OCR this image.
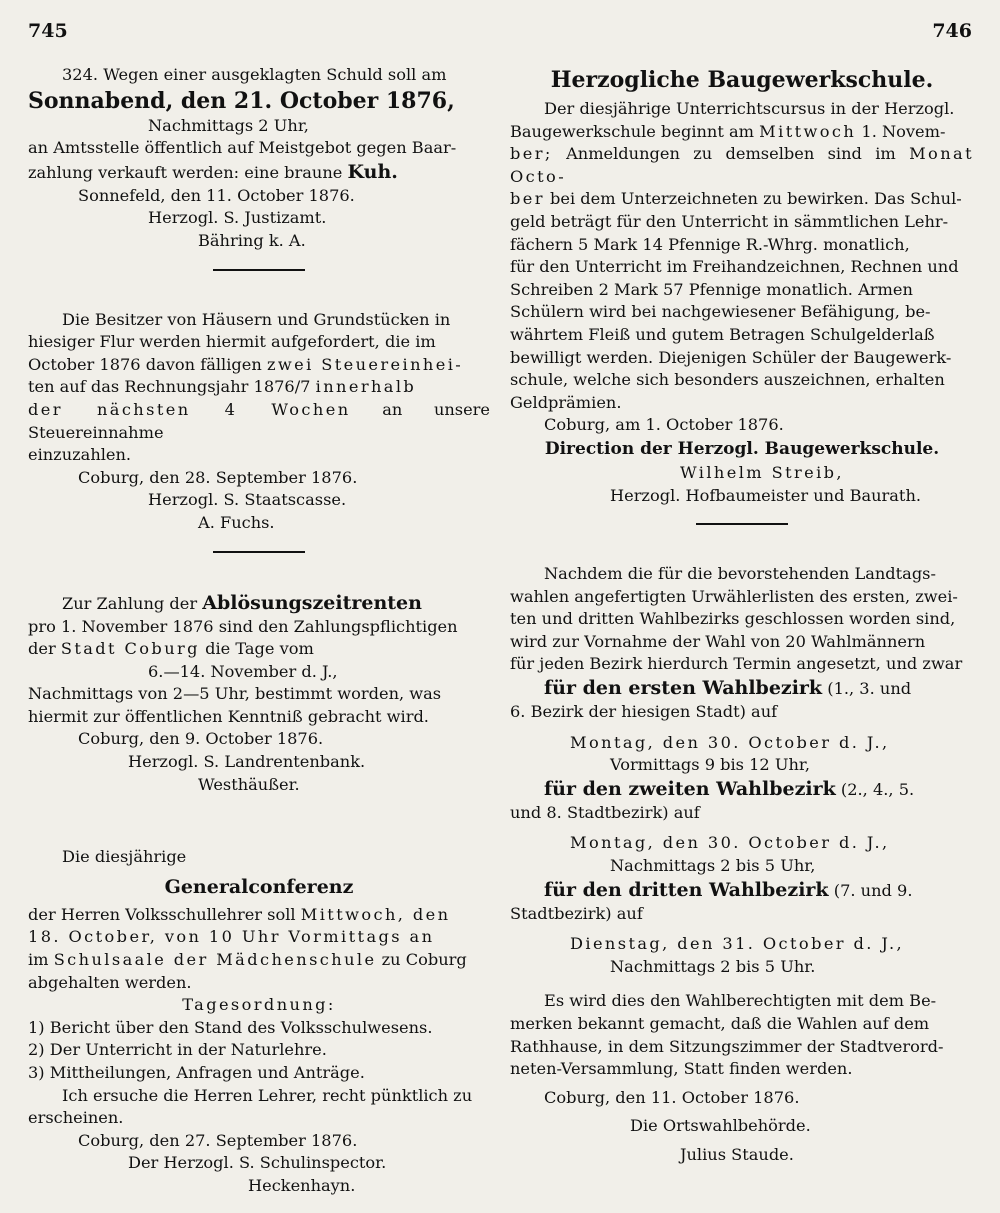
745	746

324. Wegen einer ausgeklagten Schuld soll am

Sonnabend, den 21. October 1876,

Nachmittags 2 Uhr,

an Amtsstelle öffentlich auf Meistgebot gegen Baar-

zahlung verkauft werden: eine braune Kuh.

Sonnefeld, den 11. October 1876.

Herzogl. S. Justizamt.

Bähring k. A.

Die Besitzer von Häusern und Grundstücken in

hiesiger Flur werden hiermit aufgefordert, die im

October 1876 davon fälligen zwei Steuereinhei-

ten auf das Rechnungsjahr 1876/7 innerhalb

der nächsten 4 Wochen an unsere Steuereinnahme

einzuzahlen.

Coburg, den 28. September 1876.

Herzogl. S. Staatscasse.

A. Fuchs.

Zur Zahlung der Ablösungszeitrenten

pro 1. November 1876 sind den Zahlungspflichtigen

der Stadt Coburg die Tage vom

6.—14. November d. J.,

Nachmittags von 2—5 Uhr, bestimmt worden, was

hiermit zur öffentlichen Kenntniß gebracht wird.

Coburg, den 9. October 1876.

Herzogl. S. Landrentenbank.

Westhäußer.

Die diesjährige

Generalconferenz

der Herren Volksschullehrer soll Mittwoch, den

18. October, von 10 Uhr Vormittags an

im Schulsaale der Mädchenschule zu Coburg

abgehalten werden.

Tagesordnung:

1) Bericht über den Stand des Volksschulwesens.

2) Der Unterricht in der Naturlehre.

3) Mittheilungen, Anfragen und Anträge.

Ich ersuche die Herren Lehrer, recht pünktlich zu

erscheinen.

Coburg, den 27. September 1876.

Der Herzogl. S. Schulinspector.

Heckenhayn.

Herzogliche Baugewerkschule.

Der diesjährige Unterrichtscursus in der Herzogl.

Baugewerkschule beginnt am Mittwoch 1. Novem-

ber; Anmeldungen zu demselben sind im Monat Octo-

ber bei dem Unterzeichneten zu bewirken. Das Schul-

geld beträgt für den Unterricht in sämmtlichen Lehr-

fächern 5 Mark 14 Pfennige R.-Whrg. monatlich,

für den Unterricht im Freihandzeichnen, Rechnen und

Schreiben 2 Mark 57 Pfennige monatlich. Armen

Schülern wird bei nachgewiesener Befähigung, be-

währtem Fleiß und gutem Betragen Schulgelderlaß

bewilligt werden. Diejenigen Schüler der Baugewerk-

schule, welche sich besonders auszeichnen, erhalten

Geldprämien.

Coburg, am 1. October 1876.

Direction der Herzogl. Baugewerkschule.

Wilhelm Streib,

Herzogl. Hofbaumeister und Baurath.

Nachdem die für die bevorstehenden Landtags-

wahlen angefertigten Urwählerlisten des ersten, zwei-

ten und dritten Wahlbezirks geschlossen worden sind,

wird zur Vornahme der Wahl von 20 Wahlmännern

für jeden Bezirk hierdurch Termin angesetzt, und zwar

für den ersten Wahlbezirk (1., 3. und

6. Bezirk der hiesigen Stadt) auf

Montag, den 30. October d. J.,

Vormittags 9 bis 12 Uhr,

für den zweiten Wahlbezirk (2., 4., 5.

und 8. Stadtbezirk) auf

Montag, den 30. October d. J.,

Nachmittags 2 bis 5 Uhr,

für den dritten Wahlbezirk (7. und 9.

Stadtbezirk) auf

Dienstag, den 31. October d. J.,

Nachmittags 2 bis 5 Uhr.

Es wird dies den Wahlberechtigten mit dem Be-

merken bekannt gemacht, daß die Wahlen auf dem

Rathhause, in dem Sitzungszimmer der Stadtverord-

neten-Versammlung, Statt finden werden.

Coburg, den 11. October 1876.

Die Ortswahlbehörde.

Julius Staude.
